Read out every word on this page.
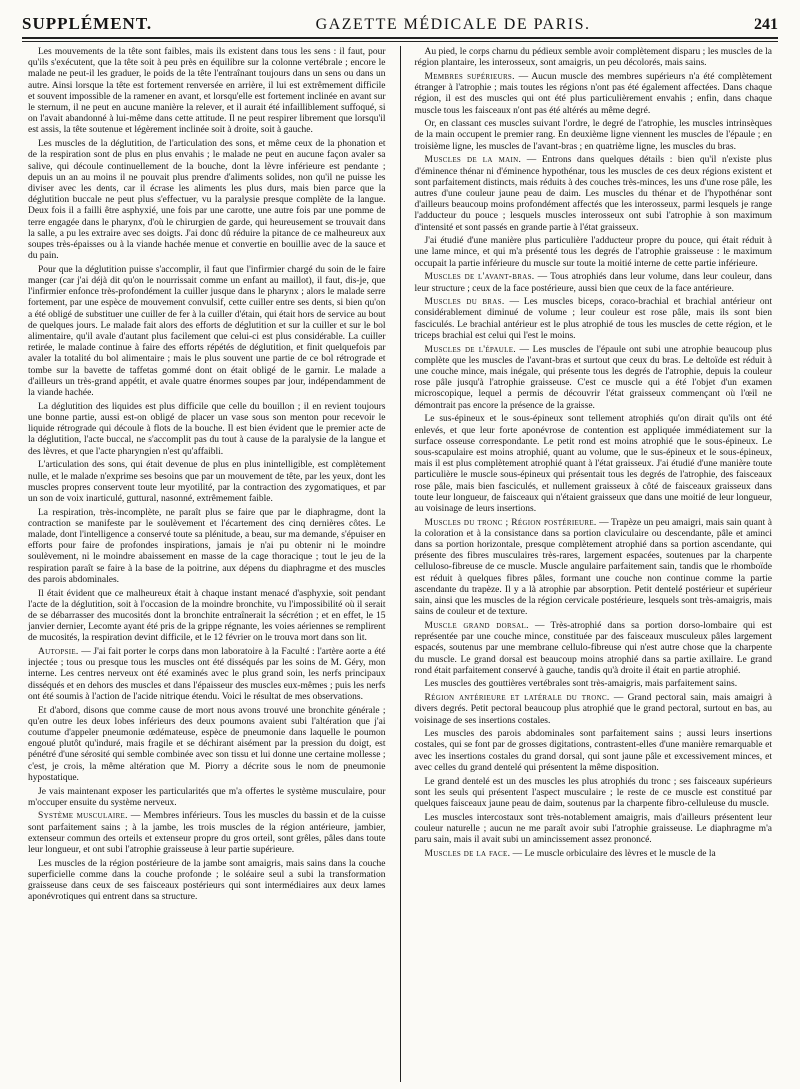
SUPPLÉMENT.	GAZETTE MÉDICALE DE PARIS.	241

Les mouvements de la tête sont faibles, mais ils existent dans tous les sens : il faut, pour qu'ils s'exécutent, que la tête soit à peu près en équilibre sur la colonne vertébrale ; encore le malade ne peut-il les graduer, le poids de la tête l'entraînant toujours dans un sens ou dans un autre. Ainsi lorsque la tête est fortement renversée en arrière, il lui est extrêmement difficile et souvent impossible de la ramener en avant, et lorsqu'elle est fortement inclinée en avant sur le sternum, il ne peut en aucune manière la relever, et il aurait été infailliblement suffoqué, si on l'avait abandonné à lui-même dans cette attitude. Il ne peut respirer librement que lorsqu'il est assis, la tête soutenue et légèrement inclinée soit à droite, soit à gauche.

Les muscles de la déglutition, de l'articulation des sons, et même ceux de la phonation et de la respiration sont de plus en plus envahis ; le malade ne peut en aucune façon avaler sa salive, qui découle continuellement de la bouche, dont la lèvre inférieure est pendante ; depuis un an au moins il ne pouvait plus prendre d'aliments solides, non qu'il ne puisse les diviser avec les dents, car il écrase les aliments les plus durs, mais bien parce que la déglutition buccale ne peut plus s'effectuer, vu la paralysie presque complète de la langue. Deux fois il a failli être asphyxié, une fois par une carotte, une autre fois par une pomme de terre engagée dans le pharynx, d'où le chirurgien de garde, qui heureusement se trouvait dans la salle, a pu les extraire avec ses doigts. J'ai donc dû réduire la pitance de ce malheureux aux soupes très-épaisses ou à la viande hachée menue et convertie en bouillie avec de la sauce et du pain.

Pour que la déglutition puisse s'accomplir, il faut que l'infirmier chargé du soin de le faire manger (car j'ai déjà dit qu'on le nourrissait comme un enfant au maillot), il faut, dis-je, que l'infirmier enfonce très-profondément la cuiller jusque dans le pharynx ; alors le malade serre fortement, par une espèce de mouvement convulsif, cette cuiller entre ses dents, si bien qu'on a été obligé de substituer une cuiller de fer à la cuiller d'étain, qui était hors de service au bout de quelques jours. Le malade fait alors des efforts de déglutition et sur la cuiller et sur le bol alimentaire, qu'il avale d'autant plus facilement que celui-ci est plus considérable. La cuiller retirée, le malade continue à faire des efforts répétés de déglutition, et finit quelquefois par avaler la totalité du bol alimentaire ; mais le plus souvent une partie de ce bol rétrograde et tombe sur la bavette de taffetas gommé dont on était obligé de le garnir. Le malade a d'ailleurs un très-grand appétit, et avale quatre énormes soupes par jour, indépendamment de la viande hachée.

La déglutition des liquides est plus difficile que celle du bouillon ; il en revient toujours une bonne partie, aussi est-on obligé de placer un vase sous son menton pour recevoir le liquide rétrograde qui découle à flots de la bouche. Il est bien évident que le premier acte de la déglutition, l'acte buccal, ne s'accomplit pas du tout à cause de la paralysie de la langue et des lèvres, et que l'acte pharyngien n'est qu'affaibli.

L'articulation des sons, qui était devenue de plus en plus inintelligible, est complètement nulle, et le malade n'exprime ses besoins que par un mouvement de tête, par les yeux, dont les muscles propres conservent toute leur myotilité, par la contraction des zygomatiques, et par un son de voix inarticulé, guttural, nasonné, extrêmement faible.

La respiration, très-incomplète, ne paraît plus se faire que par le diaphragme, dont la contraction se manifeste par le soulèvement et l'écartement des cinq dernières côtes. Le malade, dont l'intelligence a conservé toute sa plénitude, a beau, sur ma demande, s'épuiser en efforts pour faire de profondes inspirations, jamais je n'ai pu obtenir ni le moindre soulèvement, ni le moindre abaissement en masse de la cage thoracique ; tout le jeu de la respiration paraît se faire à la base de la poitrine, aux dépens du diaphragme et des muscles des parois abdominales.

Il était évident que ce malheureux était à chaque instant menacé d'asphyxie, soit pendant l'acte de la déglutition, soit à l'occasion de la moindre bronchite, vu l'impossibilité où il serait de se débarrasser des mucosités dont la bronchite entraînerait la sécrétion ; et en effet, le 15 janvier dernier, Lecomte ayant été pris de la grippe régnante, les voies aériennes se remplirent de mucosités, la respiration devint difficile, et le 12 février on le trouva mort dans son lit.

Autopsie. — J'ai fait porter le corps dans mon laboratoire à la Faculté : l'artère aorte a été injectée ; tous ou presque tous les muscles ont été disséqués par les soins de M. Géry, mon interne. Les centres nerveux ont été examinés avec le plus grand soin, les nerfs principaux disséqués et en dehors des muscles et dans l'épaisseur des muscles eux-mêmes ; puis les nerfs ont été soumis à l'action de l'acide nitrique étendu. Voici le résultat de mes observations.

Et d'abord, disons que comme cause de mort nous avons trouvé une bronchite générale ; qu'en outre les deux lobes inférieurs des deux poumons avaient subi l'altération que j'ai coutume d'appeler pneumonie œdémateuse, espèce de pneumonie dans laquelle le poumon engoué plutôt qu'induré, mais fragile et se déchirant aisément par la pression du doigt, est pénétré d'une sérosité qui semble combinée avec son tissu et lui donne une certaine mollesse ; c'est, je crois, la même altération que M. Piorry a décrite sous le nom de pneumonie hypostatique.

Je vais maintenant exposer les particularités que m'a offertes le système musculaire, pour m'occuper ensuite du système nerveux.

Système musculaire. — Membres inférieurs. Tous les muscles du bassin et de la cuisse sont parfaitement sains ; à la jambe, les trois muscles de la région antérieure, jambier, extenseur commun des orteils et extenseur propre du gros orteil, sont grêles, pâles dans toute leur longueur, et ont subi l'atrophie graisseuse à leur partie supérieure.

Les muscles de la région postérieure de la jambe sont amaigris, mais sains dans la couche superficielle comme dans la couche profonde ; le soléaire seul a subi la transformation graisseuse dans ceux de ses faisceaux postérieurs qui sont intermédiaires aux deux lames aponévrotiques qui entrent dans sa structure.

Au pied, le corps charnu du pédieux semble avoir complètement disparu ; les muscles de la région plantaire, les interosseux, sont amaigris, un peu décolorés, mais sains.

Membres supérieurs. — Aucun muscle des membres supérieurs n'a été complètement étranger à l'atrophie ; mais toutes les régions n'ont pas été également affectées. Dans chaque région, il est des muscles qui ont été plus particulièrement envahis ; enfin, dans chaque muscle tous les faisceaux n'ont pas été altérés au même degré.

Or, en classant ces muscles suivant l'ordre, le degré de l'atrophie, les muscles intrinsèques de la main occupent le premier rang. En deuxième ligne viennent les muscles de l'épaule ; en troisième ligne, les muscles de l'avant-bras ; en quatrième ligne, les muscles du bras.

Muscles de la main. — Entrons dans quelques détails : bien qu'il n'existe plus d'éminence thénar ni d'éminence hypothénar, tous les muscles de ces deux régions existent et sont parfaitement distincts, mais réduits à des couches très-minces, les uns d'une rose pâle, les autres d'une couleur jaune peau de daim. Les muscles du thénar et de l'hypothénar sont d'ailleurs beaucoup moins profondément affectés que les interosseux, parmi lesquels je range l'adducteur du pouce ; lesquels muscles interosseux ont subi l'atrophie à son maximum d'intensité et sont passés en grande partie à l'état graisseux.

J'ai étudié d'une manière plus particulière l'adducteur propre du pouce, qui était réduit à une lame mince, et qui m'a présenté tous les degrés de l'atrophie graisseuse : le maximum occupait la partie inférieure du muscle sur toute la moitié interne de cette partie inférieure.

Muscles de l'avant-bras. — Tous atrophiés dans leur volume, dans leur couleur, dans leur structure ; ceux de la face postérieure, aussi bien que ceux de la face antérieure.

Muscles du bras. — Les muscles biceps, coraco-brachial et brachial antérieur ont considérablement diminué de volume ; leur couleur est rose pâle, mais ils sont bien fasciculés. Le brachial antérieur est le plus atrophié de tous les muscles de cette région, et le triceps brachial est celui qui l'est le moins.

Muscles de l'épaule. — Les muscles de l'épaule ont subi une atrophie beaucoup plus complète que les muscles de l'avant-bras et surtout que ceux du bras. Le deltoïde est réduit à une couche mince, mais inégale, qui présente tous les degrés de l'atrophie, depuis la couleur rose pâle jusqu'à l'atrophie graisseuse. C'est ce muscle qui a été l'objet d'un examen microscopique, lequel a permis de découvrir l'état graisseux commençant où l'œil ne démontrait pas encore la présence de la graisse.

Le sus-épineux et le sous-épineux sont tellement atrophiés qu'on dirait qu'ils ont été enlevés, et que leur forte aponévrose de contention est appliquée immédiatement sur la surface osseuse correspondante. Le petit rond est moins atrophié que le sous-épineux. Le sous-scapulaire est moins atrophié, quant au volume, que le sus-épineux et le sous-épineux, mais il est plus complètement atrophié quant à l'état graisseux. J'ai étudié d'une manière toute particulière le muscle sous-épineux qui présentait tous les degrés de l'atrophie, des faisceaux rose pâle, mais bien fasciculés, et nullement graisseux à côté de faisceaux graisseux dans toute leur longueur, de faisceaux qui n'étaient graisseux que dans une moitié de leur longueur, au voisinage de leurs insertions.

Muscles du tronc ; Région postérieure. — Trapèze un peu amaigri, mais sain quant à la coloration et à la consistance dans sa portion claviculaire ou descendante, pâle et aminci dans sa portion horizontale, presque complètement atrophié dans sa portion ascendante, qui présente des fibres musculaires très-rares, largement espacées, soutenues par la charpente celluloso-fibreuse de ce muscle. Muscle angulaire parfaitement sain, tandis que le rhomboïde est réduit à quelques fibres pâles, formant une couche non continue comme la partie ascendante du trapèze. Il y a là atrophie par absorption. Petit dentelé postérieur et supérieur sain, ainsi que les muscles de la région cervicale postérieure, lesquels sont très-amaigris, mais sains de couleur et de texture.

Muscle grand dorsal. — Très-atrophié dans sa portion dorso-lombaire qui est représentée par une couche mince, constituée par des faisceaux musculeux pâles largement espacés, soutenus par une membrane cellulo-fibreuse qui n'est autre chose que la charpente du muscle. Le grand dorsal est beaucoup moins atrophié dans sa partie axillaire. Le grand rond était parfaitement conservé à gauche, tandis qu'à droite il était en partie atrophié.

Les muscles des gouttières vertébrales sont très-amaigris, mais parfaitement sains.

Région antérieure et latérale du tronc. — Grand pectoral sain, mais amaigri à divers degrés. Petit pectoral beaucoup plus atrophié que le grand pectoral, surtout en bas, au voisinage de ses insertions costales.

Les muscles des parois abdominales sont parfaitement sains ; aussi leurs insertions costales, qui se font par de grosses digitations, contrastent-elles d'une manière remarquable et avec les insertions costales du grand dorsal, qui sont jaune pâle et excessivement minces, et avec celles du grand dentelé qui présentent la même disposition.

Le grand dentelé est un des muscles les plus atrophiés du tronc ; ses faisceaux supérieurs sont les seuls qui présentent l'aspect musculaire ; le reste de ce muscle est constitué par quelques faisceaux jaune peau de daim, soutenus par la charpente fibro-celluleuse du muscle.

Les muscles intercostaux sont très-notablement amaigris, mais d'ailleurs présentent leur couleur naturelle ; aucun ne me paraît avoir subi l'atrophie graisseuse. Le diaphragme m'a paru sain, mais il avait subi un amincissement assez prononcé.

Muscles de la face. — Le muscle orbiculaire des lèvres et le muscle de la
